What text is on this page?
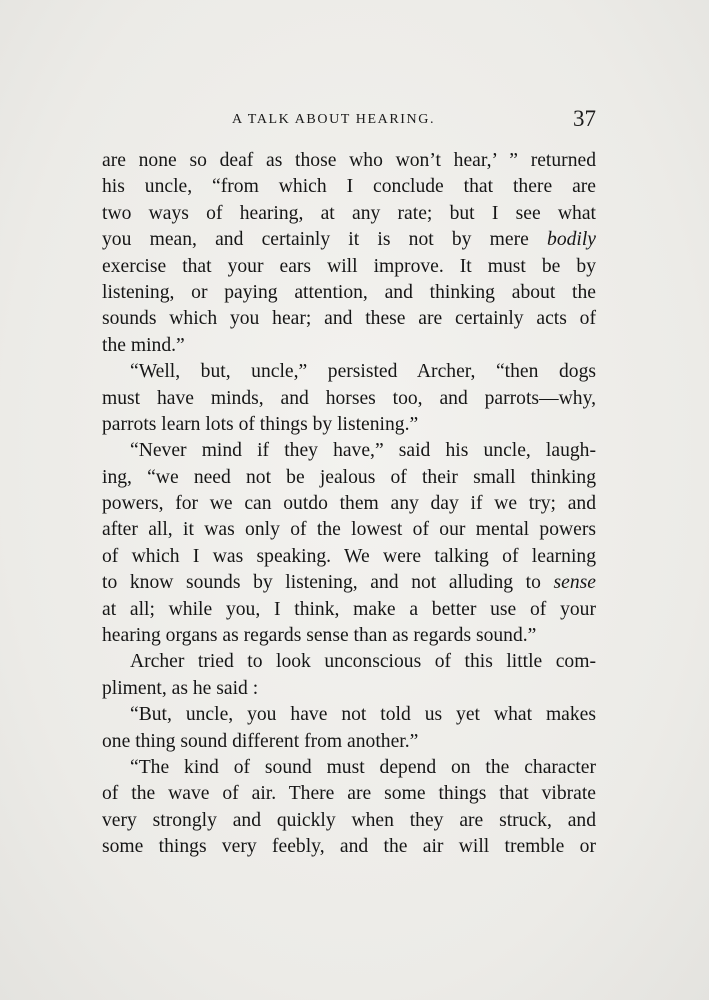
A TALK ABOUT HEARING.	37
are none so deaf as those who won’t hear,’ ” returned
his uncle, “from which I conclude that there are
two ways of hearing, at any rate; but I see what
you mean, and certainly it is not by mere bodily
exercise that your ears will improve. It must be by
listening, or paying attention, and thinking about the
sounds which you hear; and these are certainly acts of
the mind.”
“Well, but, uncle,” persisted Archer, “then dogs
must have minds, and horses too, and parrots—why,
parrots learn lots of things by listening.”
“Never mind if they have,” said his uncle, laugh-
ing, “we need not be jealous of their small thinking
powers, for we can outdo them any day if we try; and
after all, it was only of the lowest of our mental powers
of which I was speaking. We were talking of learning
to know sounds by listening, and not alluding to sense
at all; while you, I think, make a better use of your
hearing organs as regards sense than as regards sound.”
Archer tried to look unconscious of this little com-
pliment, as he said :
“But, uncle, you have not told us yet what makes
one thing sound different from another.”
“The kind of sound must depend on the character
of the wave of air. There are some things that vibrate
very strongly and quickly when they are struck, and
some things very feebly, and the air will tremble or
